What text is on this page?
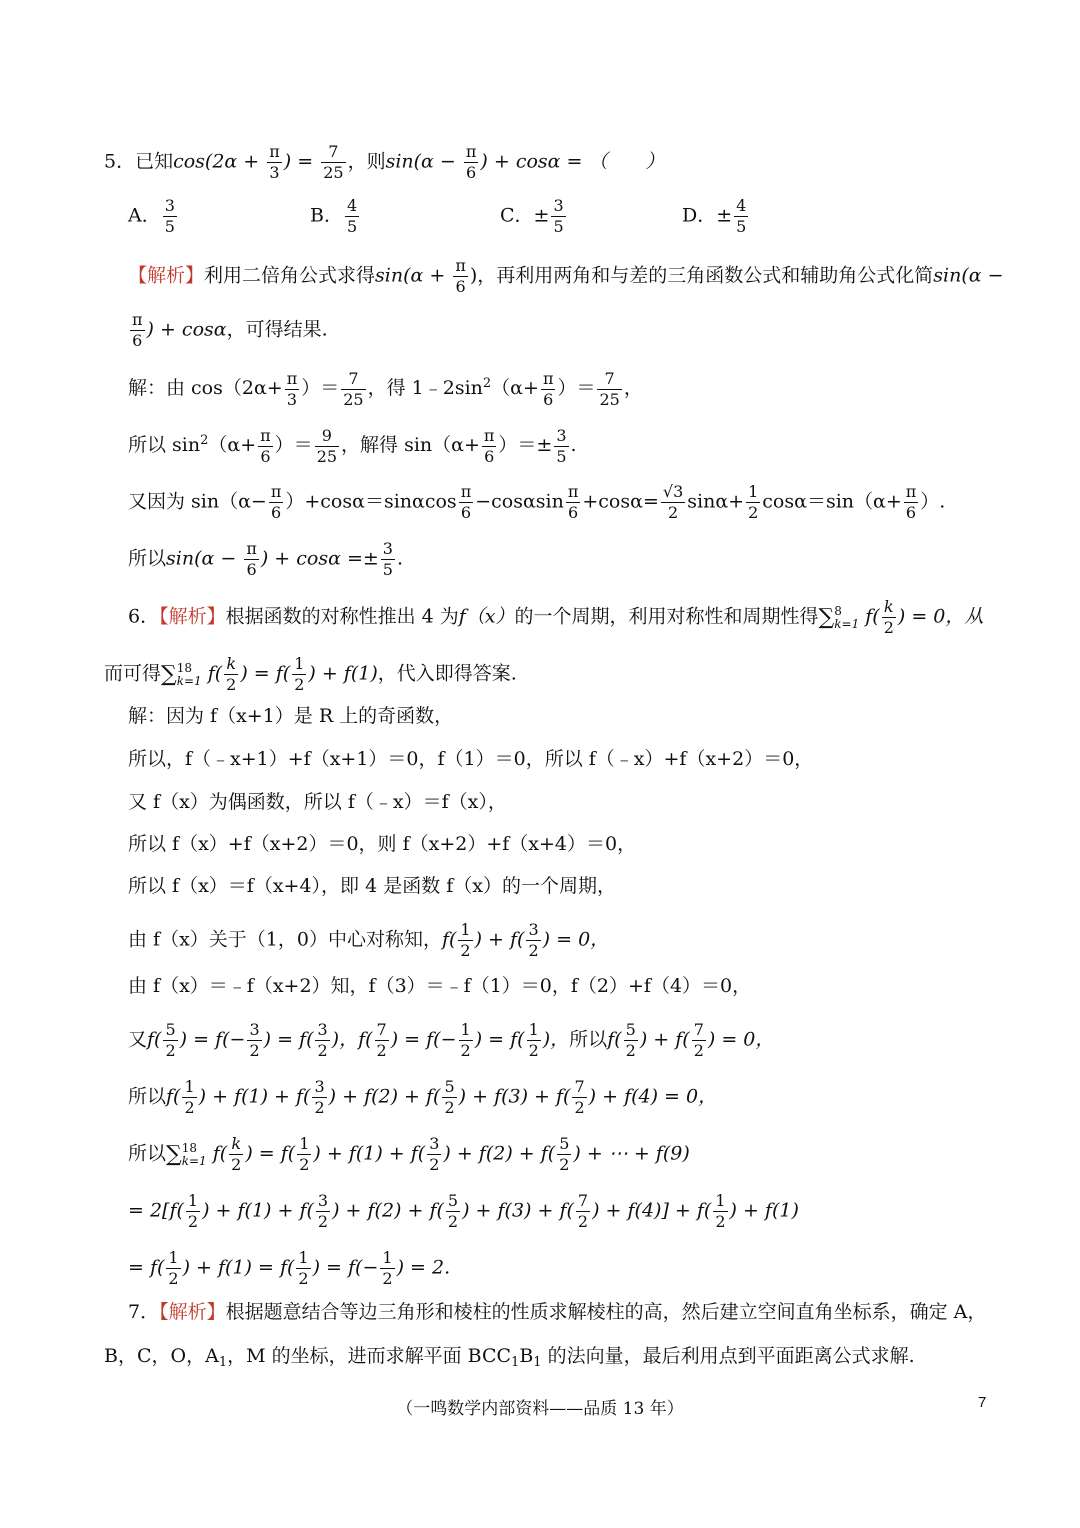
5．已知$\cos(2\alpha + \frac{\pi}{3}$ ) = $\frac{7}{25}$ ，则$\sin(\alpha - \frac{\pi}{6}$ ) + cosα = （　　）
A． $\frac{3}{5}$	B． $\frac{4}{5}$	C．± $\frac{3}{5}$	D．± $\frac{4}{5}$
【解析】利用二倍角公式求得$\sin(\alpha + \frac{\pi}{6}$ )，再利用两角和与差的三角函数公式和辅助角公式化简sin(α −
$\frac{\pi}{6}$ ) + cosα，可得结果.
解：由 $\cos(2\alpha+ \frac{\pi}{3}$ ）＝ $\frac{7}{25}$ ，得 $1﹣2\sin^2(\alpha+ \frac{\pi}{6}$ ）＝ $\frac{7}{25}$ ，
所以 $\sin^2(\alpha+ \frac{\pi}{6}$ ）＝ $\frac{9}{25}$ ，解得 $\sin(\alpha+ \frac{\pi}{6}$ ）＝± $\frac{3}{5}$ .
又因为 $\sin(\alpha- \frac{\pi}{6} )+\cos\alpha=\sin\alpha\cos \frac{\pi}{6} -\cos\alpha\sin \frac{\pi}{6} +\cos\alpha= \frac{√3}{2} \sin\alpha+ \frac{1}{2} \cos\alpha=\sin(\alpha+ \frac{\pi}{6}$ ）.
所以$\sin(\alpha - \frac{\pi}{6}$ ) + $\cos\alpha =\pm \frac{3}{5}$ .
6．【解析】根据函数的对称性推出 4 为f（x）的一个周期，利用对称性和周期性得∑ 8
k=1 $f( \frac{k}{2}$ ) = 0，从
而可得∑ 18
k=1 $f( \frac{k}{2}$ ) = $f( \frac{1}{2}$ ) + f(1)，代入即得答案.
解：因为 f（x+1）是 R 上的奇函数，
所以，f（﹣x+1）+f（x+1）＝0，f（1）＝0，所以 f（﹣x）+f（x+2）＝0，
又 f（x）为偶函数，所以 f（﹣x）＝f（x），
所以 f（x）+f（x+2）＝0，则 f（x+2）+f（x+4）＝0，
所以 f（x）＝f（x+4），即 4 是函数 f（x）的一个周期，
由 f（x）关于（1，0）中心对称知，$f( \frac{1}{2}$ ) + $f( \frac{3}{2}$ ) = 0，
由 f（x）＝﹣f（x+2）知，f（3）＝﹣f（1）＝0，f（2）+f（4）＝0，
又$f( \frac{5}{2}$ ) = $f(- \frac{3}{2}$ ) = $f( \frac{3}{2}$ )，$f( \frac{7}{2}$ ) = $f(- \frac{1}{2}$ ) = $f( \frac{1}{2}$ )，所以$f( \frac{5}{2}$ ) + $f( \frac{7}{2}$ ) = 0，
所以$f( \frac{1}{2}$ ) + $f(1) + f( \frac{3}{2}$ ) + $f(2) + f( \frac{5}{2}$ ) + $f(3) + f( \frac{7}{2}$ ) + f(4) = 0，
所以∑ 18
k=1 $f( \frac{k}{2}$ ) = $f( \frac{1}{2}$ ) + $f(1) + f( \frac{3}{2}$ ) + $f(2) + f( \frac{5}{2}$ ) + ⋯ + f(9)
= $2[f( \frac{1}{2}$ ) + $f(1) + f( \frac{3}{2}$ ) + $f(2) + f( \frac{5}{2}$ ) + $f(3) + f( \frac{7}{2}$ ) + $f(4)] + f( \frac{1}{2}$ ) + f(1)
= $f( \frac{1}{2}$ ) + $f(1) = f( \frac{1}{2}$ ) = $f(- \frac{1}{2}$ ) = 2.
7．【解析】根据题意结合等边三角形和棱柱的性质求解棱柱的高，然后建立空间直角坐标系，确定 A，
B，C，O，$A_1$，M 的坐标，进而求解平面 $BCC_1B_1$ 的法向量，最后利用点到平面距离公式求解.
（一鸣数学内部资料——品质 13 年）	7
